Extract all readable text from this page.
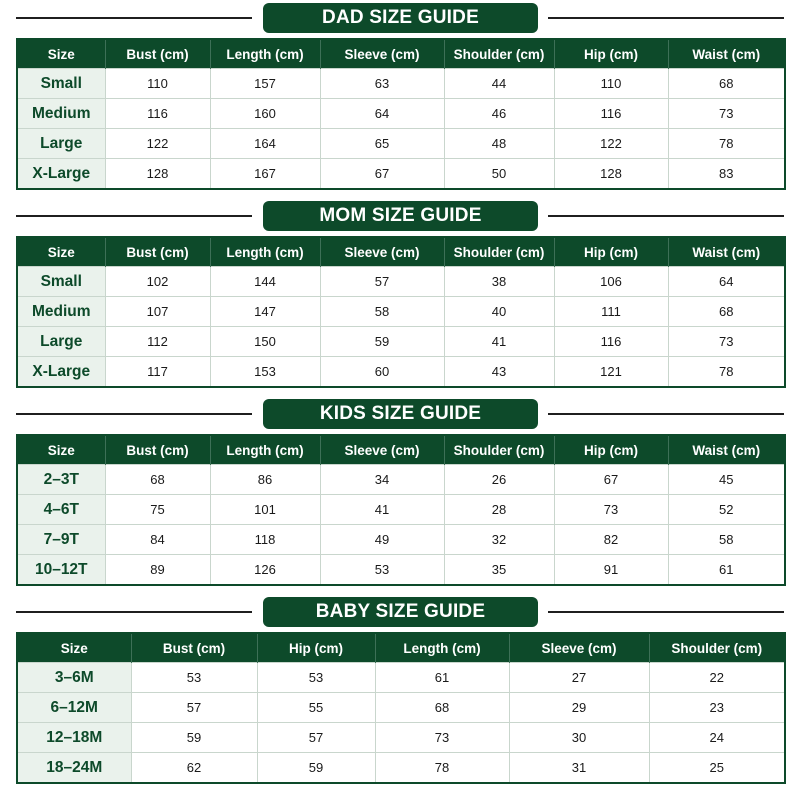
DAD SIZE GUIDE
Size	Bust (cm)	Length (cm)	Sleeve (cm)	Shoulder (cm)	Hip (cm)	Waist (cm)
Small	110	157	63	44	110	68
Medium	116	160	64	46	116	73
Large	122	164	65	48	122	78
X-Large	128	167	67	50	128	83
MOM SIZE GUIDE
Size	Bust (cm)	Length (cm)	Sleeve (cm)	Shoulder (cm)	Hip (cm)	Waist (cm)
Small	102	144	57	38	106	64
Medium	107	147	58	40	111	68
Large	112	150	59	41	116	73
X-Large	117	153	60	43	121	78
KIDS SIZE GUIDE
Size	Bust (cm)	Length (cm)	Sleeve (cm)	Shoulder (cm)	Hip (cm)	Waist (cm)
2–3T	68	86	34	26	67	45
4–6T	75	101	41	28	73	52
7–9T	84	118	49	32	82	58
10–12T	89	126	53	35	91	61
BABY SIZE GUIDE
Size	Bust (cm)	Hip (cm)	Length (cm)	Sleeve (cm)	Shoulder (cm)
3–6M	53	53	61	27	22
6–12M	57	55	68	29	23
12–18M	59	57	73	30	24
18–24M	62	59	78	31	25
